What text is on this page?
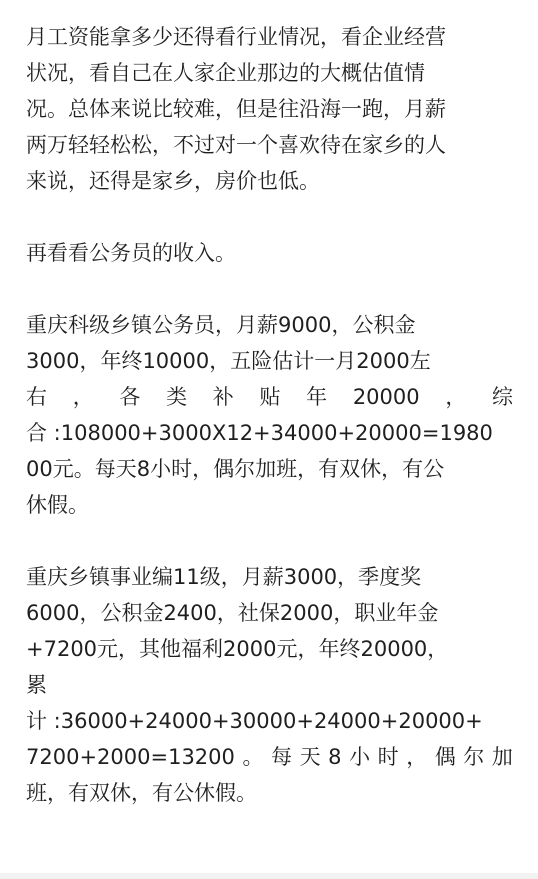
月工资能拿多少还得看行业情况，看企业经营
状况，看自己在人家企业那边的大概估值情
况。总体来说比较难，但是往沿海一跑，月薪
两万轻轻松松，不过对一个喜欢待在家乡的人
来说，还得是家乡，房价也低。
再看看公务员的收入。
重庆科级乡镇公务员，月薪9000，公积金
3000，年终10000，五险估计一月2000左
右 ， 各 类 补 贴 年 20000 ， 综
合 :108000+3000X12+34000+20000=1980
00元。每天8小时，偶尔加班，有双休，有公
休假。
重庆乡镇事业编11级，月薪3000，季度奖
6000，公积金2400，社保2000，职业年金
+7200元，其他福利2000元，年终20000，
累
计 :36000+24000+30000+24000+20000+
7200+2000=13200 。 每 天 8 小 时 ， 偶 尔 加
班，有双休，有公休假。
